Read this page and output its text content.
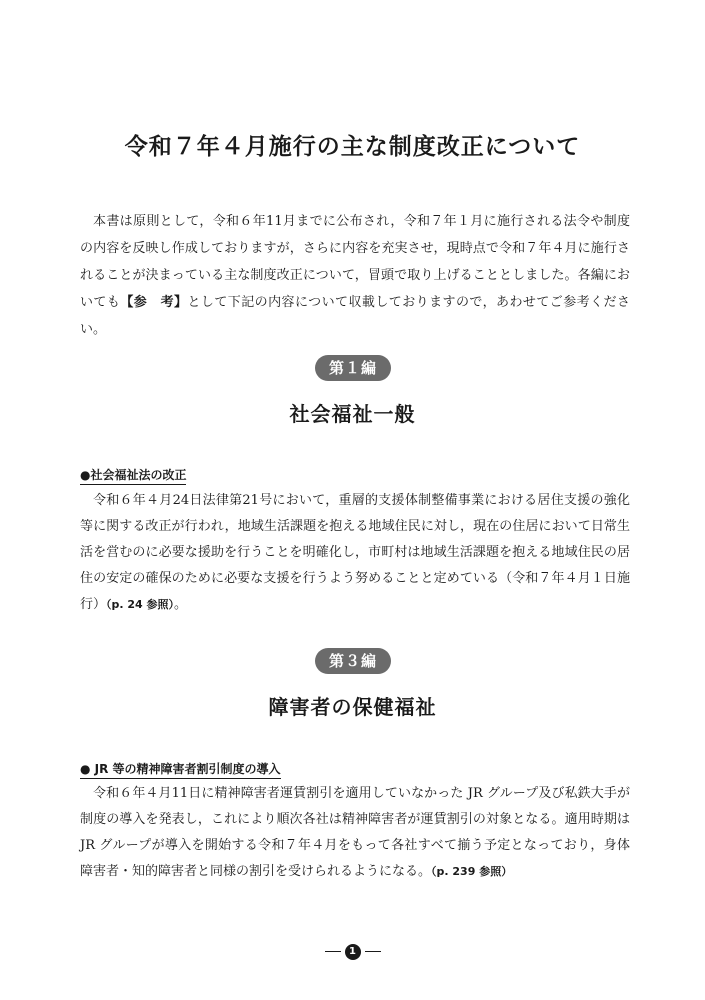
令和７年４月施行の主な制度改正について

本書は原則として，令和６年11月までに公布され，令和７年１月に施行される法令や制度の内容を反映し作成しておりますが，さらに内容を充実させ，現時点で令和７年４月に施行されることが決まっている主な制度改正について，冒頭で取り上げることとしました。各編においても【参　考】として下記の内容について収載しておりますので，あわせてご参考ください。

第１編
社会福祉一般
●社会福祉法の改正

令和６年４月24日法律第21号において，重層的支援体制整備事業における居住支援の強化等に関する改正が行われ，地域生活課題を抱える地域住民に対し，現在の住居において日常生活を営むのに必要な援助を行うことを明確化し，市町村は地域生活課題を抱える地域住民の居住の安定の確保のために必要な支援を行うよう努めることと定めている（令和７年４月１日施行）（p. 24 参照）。

第３編
障害者の保健福祉
● JR 等の精神障害者割引制度の導入

令和６年４月11日に精神障害者運賃割引を適用していなかった JR グループ及び私鉄大手が制度の導入を発表し，これにより順次各社は精神障害者が運賃割引の対象となる。適用時期は JR グループが導入を開始する令和７年４月をもって各社すべて揃う予定となっており，身体障害者・知的障害者と同様の割引を受けられるようになる。（p. 239 参照）

1
